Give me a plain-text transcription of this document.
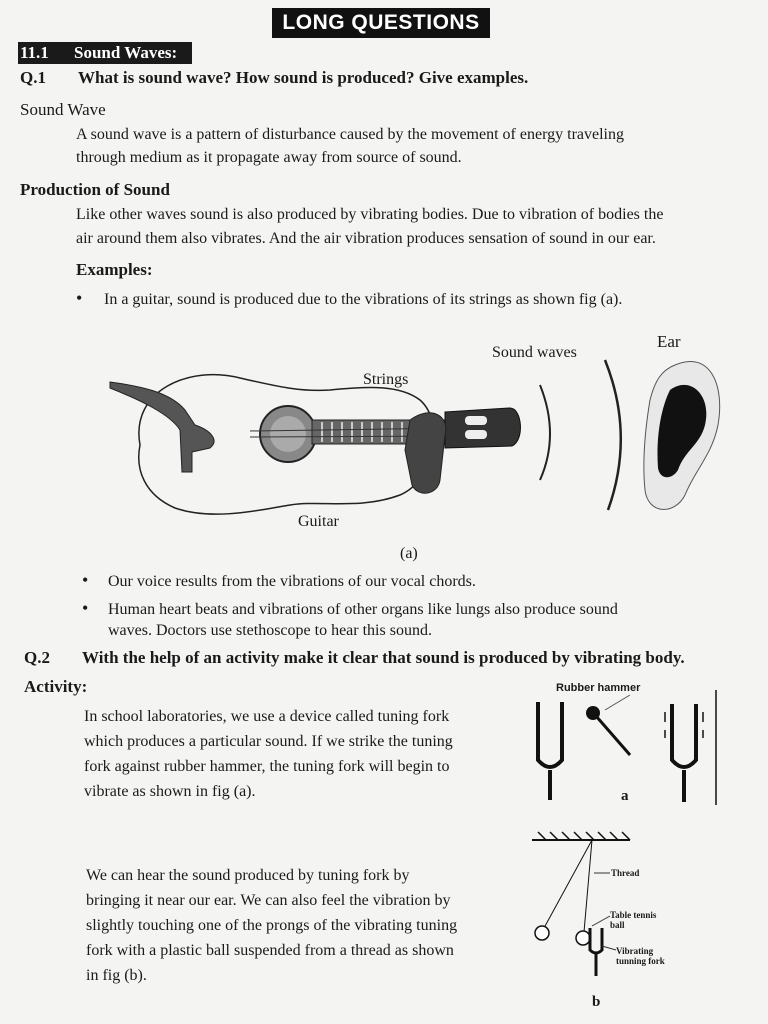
LONG QUESTIONS
11.1 Sound Waves:
Q.1 What is sound wave? How sound is produced? Give examples.
Sound Wave
A sound wave is a pattern of disturbance caused by the movement of energy traveling
through medium as it propagate away from source of sound.
Production of Sound
Like other waves sound is also produced by vibrating bodies. Due to vibration of bodies the
air around them also vibrates. And the air vibration produces sensation of sound in our ear.
Examples:
• In a guitar, sound is produced due to the vibrations of its strings as shown fig (a).
Ear
Sound waves
Strings
Guitar
(a)
• Our voice results from the vibrations of our vocal chords.
• Human heart beats and vibrations of other organs like lungs also produce sound
waves. Doctors use stethoscope to hear this sound.
Q.2 With the help of an activity make it clear that sound is produced by vibrating body.
Activity:
In school laboratories, we use a device called tuning fork
which produces a particular sound. If we strike the tuning
fork against rubber hammer, the tuning fork will begin to
vibrate as shown in fig (a).
We can hear the sound produced by tuning fork by
bringing it near our ear. We can also feel the vibration by
slightly touching one of the prongs of the vibrating tuning
fork with a plastic ball suspended from a thread as shown
in fig (b).
Rubber hammer
a
Thread
Table tennis
ball
Vibrating
tunning fork
b
